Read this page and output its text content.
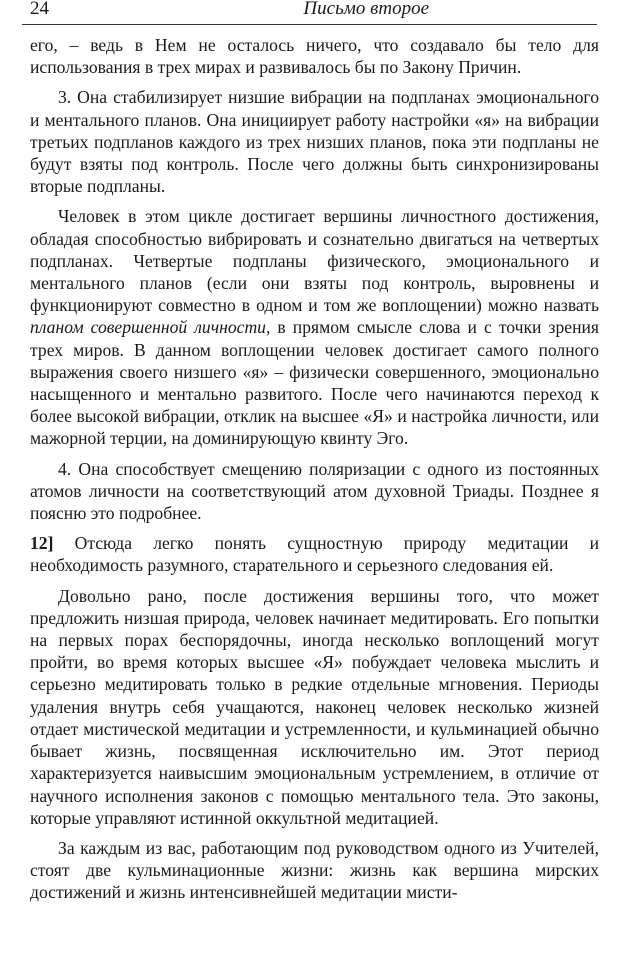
24	Письмо второе

его, – ведь в Нем не осталось ничего, что создавало бы тело для использования в трех мирах и развивалось бы по Закону Причин.

3. Она стабилизирует низшие вибрации на подпланах эмоционального и ментального планов. Она инициирует работу настройки «я» на вибрации третьих подпланов каждого из трех низших планов, пока эти подпланы не будут взяты под контроль. После чего должны быть синхронизированы вторые подпланы.

Человек в этом цикле достигает вершины личностного достижения, обладая способностью вибрировать и сознательно двигаться на четвертых подпланах. Четвертые подпланы физического, эмоционального и ментального планов (если они взяты под контроль, выровнены и функционируют совместно в одном и том же воплощении) можно назвать планом совершенной личности, в прямом смысле слова и с точки зрения трех миров. В данном воплощении человек достигает самого полного выражения своего низшего «я» – физически совершенного, эмоционально насыщенного и ментально развитого. После чего начинаются переход к более высокой вибрации, отклик на высшее «Я» и настройка личности, или мажорной терции, на доминирующую квинту Эго.

4. Она способствует смещению поляризации с одного из постоянных атомов личности на соответствующий атом духовной Триады. Позднее я поясню это подробнее.

12] Отсюда легко понять сущностную природу медитации и необходимость разумного, старательного и серьезного следования ей.

Довольно рано, после достижения вершины того, что может предложить низшая природа, человек начинает медитировать. Его попытки на первых порах беспорядочны, иногда несколько воплощений могут пройти, во время которых высшее «Я» побуждает человека мыслить и серьезно медитировать только в редкие отдельные мгновения. Периоды удаления внутрь себя учащаются, наконец человек несколько жизней отдает мистической медитации и устремленности, и кульминацией обычно бывает жизнь, посвященная исключительно им. Этот период характеризуется наивысшим эмоциональным устремлением, в отличие от научного исполнения законов с помощью ментального тела. Это законы, которые управляют истинной оккультной медитацией.

За каждым из вас, работающим под руководством одного из Учителей, стоят две кульминационные жизни: жизнь как вершина мирских достижений и жизнь интенсивнейшей медитации мисти-
